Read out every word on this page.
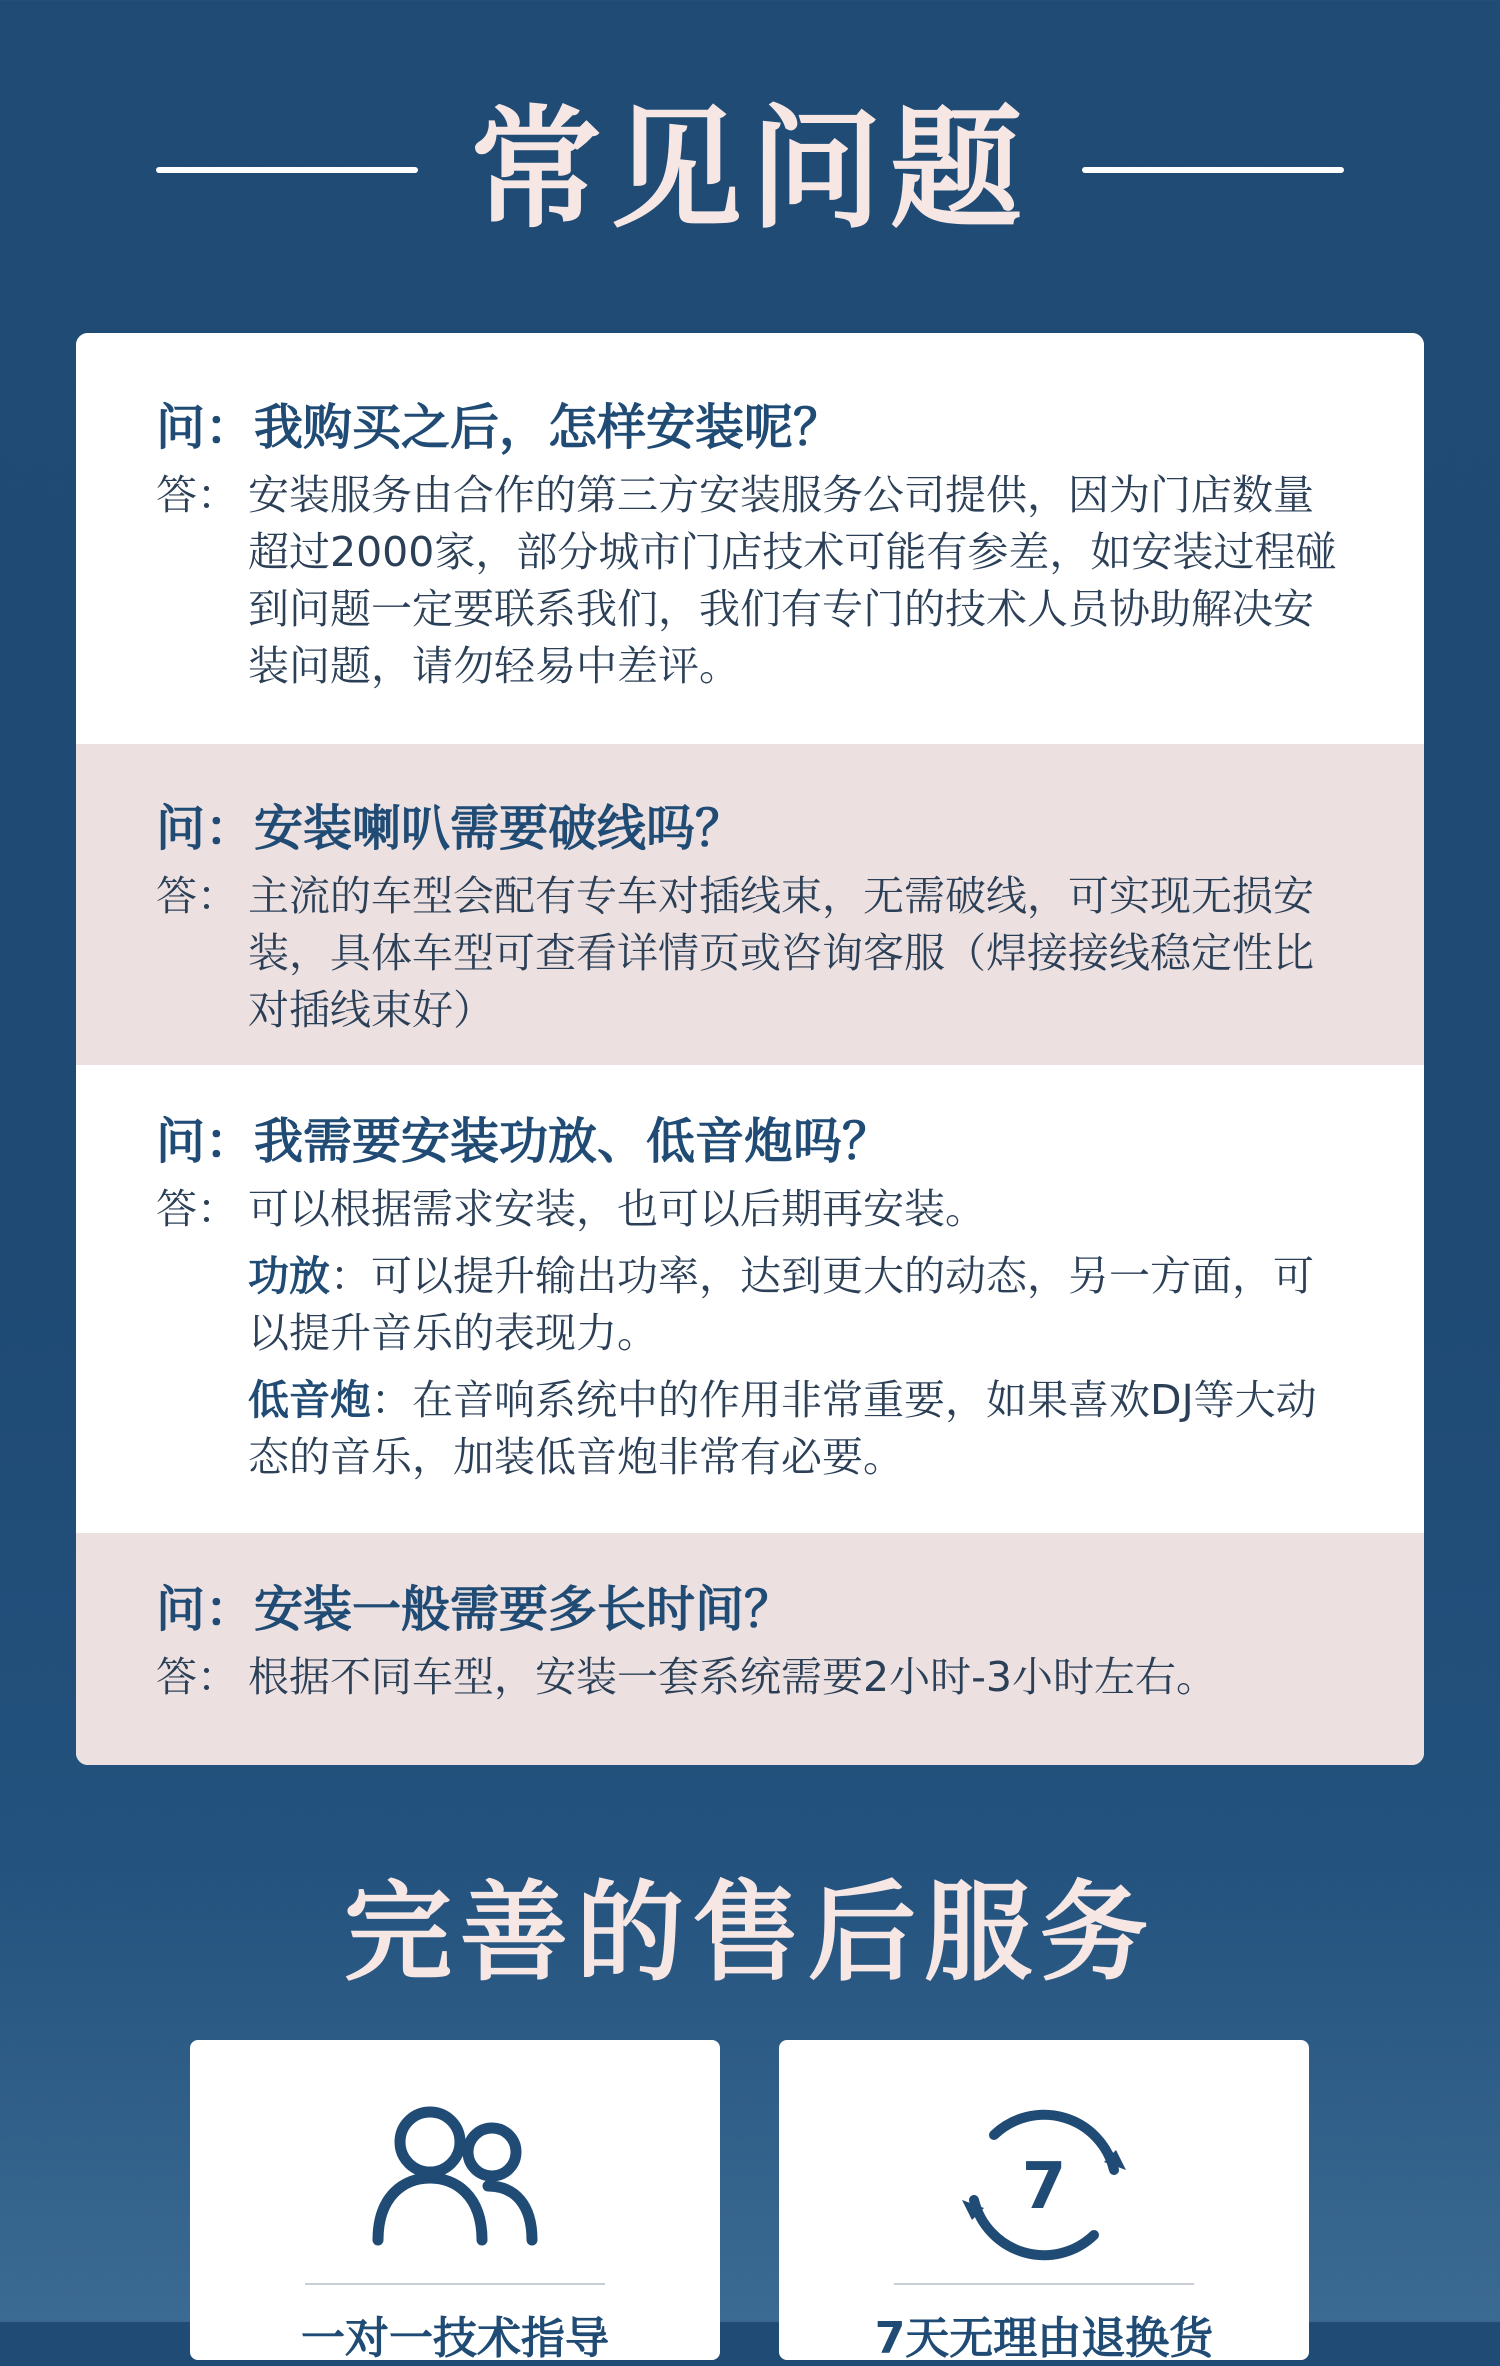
常见问题

问：我购买之后，怎样安装呢？

答： 安装服务由合作的第三方安装服务公司提供，因为门店数量超过2000家，部分城市门店技术可能有参差，如安装过程碰到问题一定要联系我们，我们有专门的技术人员协助解决安装问题，请勿轻易中差评。

问：安装喇叭需要破线吗？

答： 主流的车型会配有专车对插线束，无需破线，可实现无损安装，具体车型可查看详情页或咨询客服（焊接接线稳定性比对插线束好）

问：我需要安装功放、低音炮吗？

答： 可以根据需求安装，也可以后期再安装。
功放：可以提升输出功率，达到更大的动态，另一方面，可以提升音乐的表现力。
低音炮：在音响系统中的作用非常重要，如果喜欢DJ等大动态的音乐，加装低音炮非常有必要。

问：安装一般需要多长时间？

答： 根据不同车型，安装一套系统需要2小时-3小时左右。
完善的售后服务
一对一技术指导
7
7天无理由退换货
